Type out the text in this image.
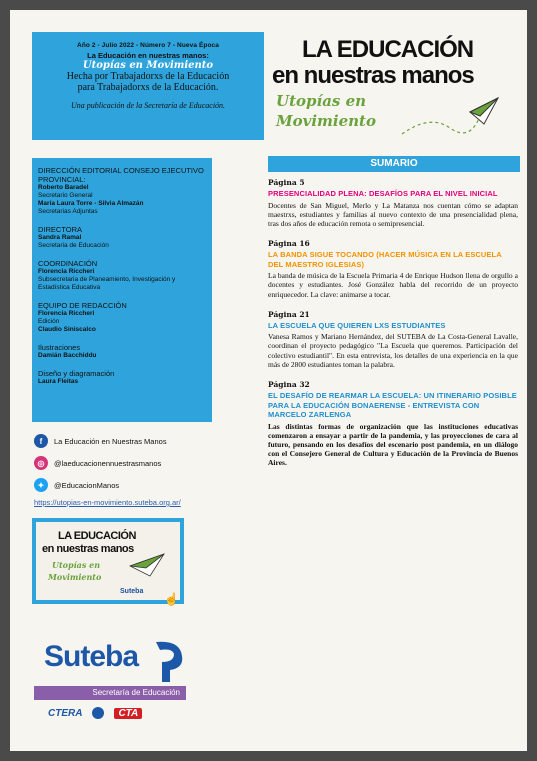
Año 2 - Julio 2022 - Número 7 - Nueva Época
La Educación en nuestras manos:
Utopías en Movimiento
Hecha por Trabajadorxs de la Educación
para Trabajadorxs de la Educación.
Una publicación de la Secretaría de Educación.
LA EDUCACIÓN
en nuestras manos
Utopías en
Movimiento
DIRECCIÓN EDITORIAL CONSEJO EJECUTIVO PROVINCIAL:
Roberto Baradel
Secretario General
María Laura Torre - Silvia Almazán
Secretarias Adjuntas
DIRECTORA
Sandra Ramal
Secretaria de Educación
COORDINACIÓN
Florencia Riccheri
Subsecretaria de Planeamiento, Investigación y Estadística Educativa
EQUIPO DE REDACCIÓN
Florencia Riccheri
Edición
Claudio Siniscalco
Ilustraciones
Damián Bacchiddu
Diseño y diagramación
Laura Fleitas
f	La Educación en Nuestras Manos
◎	@laeducacionennuestrasmanos
✦	@EducacionManos
https://utopias-en-movimiento.suteba.org.ar/
LA EDUCACIÓN
en nuestras manos
Utopías en
Movimiento
Suteba
☝
Suteba
Secretaría de Educación
CTERA	CTA
SUMARIO
Página 5
PRESENCIALIDAD PLENA: DESAFÍOS PARA EL NIVEL INICIAL
Docentes de San Miguel, Merlo y La Matanza nos cuentan cómo se adaptan maestrxs, estudiantes y familias al nuevo contexto de una presencialidad plena, tras dos años de educación remota o semipresencial.
Página 16
LA BANDA SIGUE TOCANDO (HACER MÚSICA EN LA ESCUELA DEL MAESTRO IGLESIAS)
La banda de música de la Escuela Primaria 4 de Enrique Hudson llena de orgullo a docentes y estudiantes. José González habla del recorrido de un proyecto enriquecedor. La clave: animarse a tocar.
Página 21
LA ESCUELA QUE QUIEREN LXS ESTUDIANTES
Vanesa Ramos y Mariano Hernández, del SUTEBA de La Costa-General Lavalle, coordinan el proyecto pedagógico "La Escuela que queremos. Participación del colectivo estudiantil". En esta entrevista, los detalles de una experiencia en la que más de 2800 estudiantes toman la palabra.
Página 32
EL DESAFÍO DE REARMAR LA ESCUELA: UN ITINERARIO POSIBLE PARA LA EDUCACIÓN BONAERENSE - ENTREVISTA CON MARCELO ZARLENGA
Las distintas formas de organización que las instituciones educativas comenzaron a ensayar a partir de la pandemia, y las proyecciones de cara al futuro, pensando en los desafíos del escenario post pandemia, en un diálogo con el Consejero General de Cultura y Educación de la Provincia de Buenos Aires.
